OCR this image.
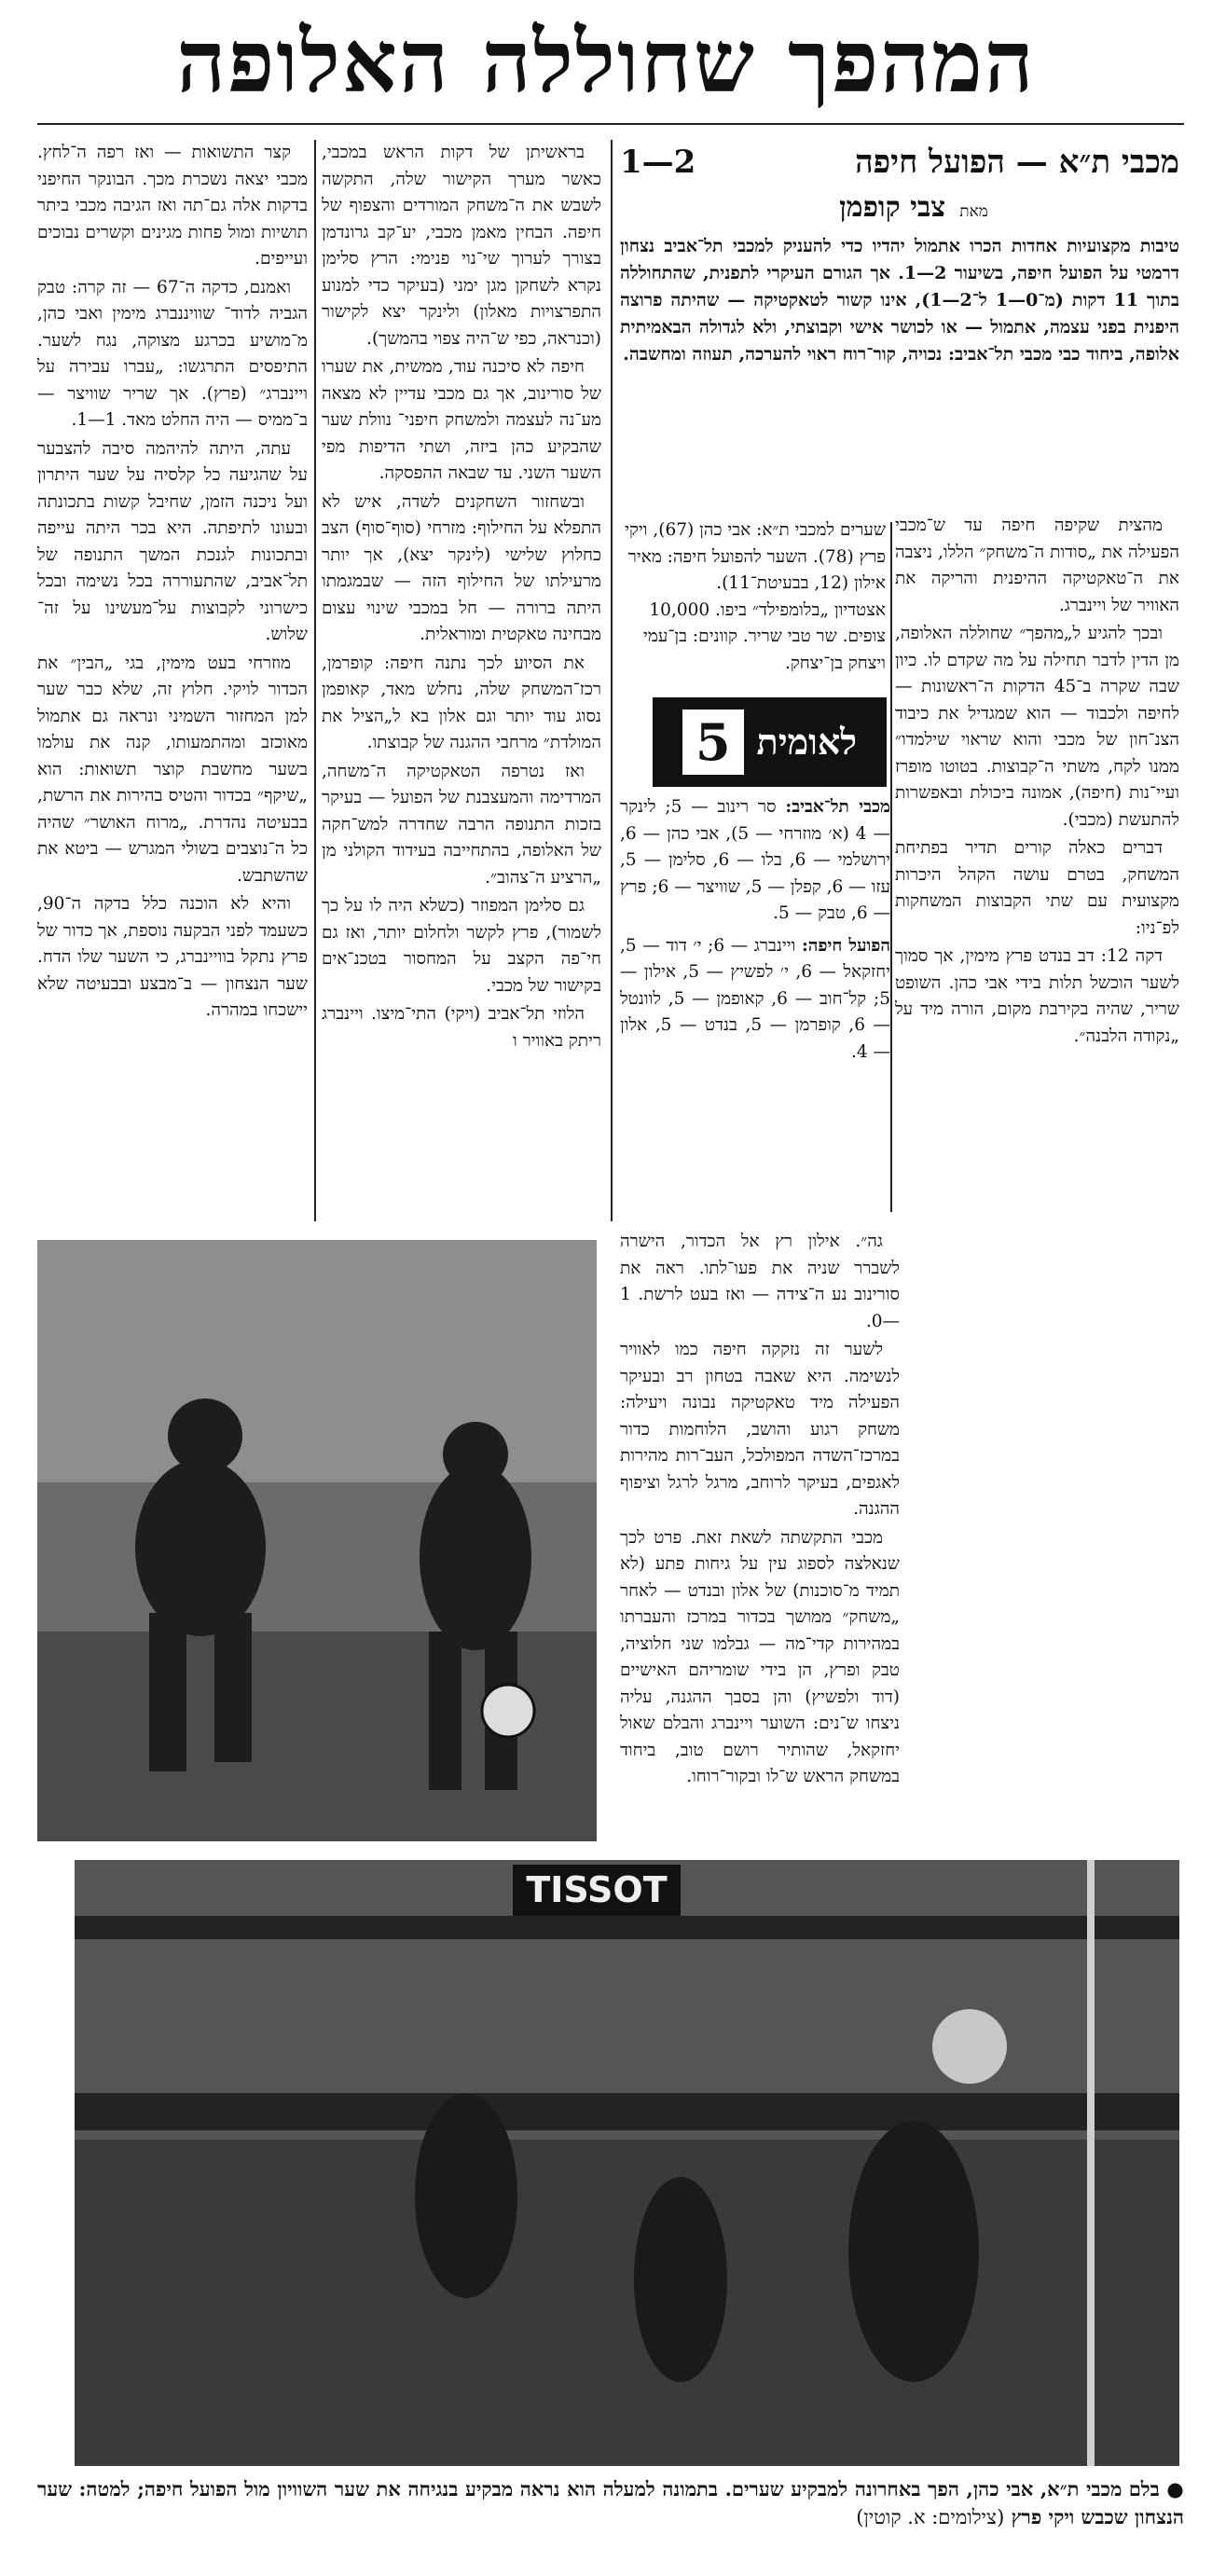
המהפך שחוללה האלופה
מכבי ת״א — הפועל חיפה
2—1
מאת צבי קופמן
טיבות מקצועיות אחדות הכרו אתמול יהדיו כדי להעניק למכבי תל־אביב נצחון דרמטי על הפועל חיפה, בשיעור 2—1. אך הגורם העיקרי לתפנית, שהתחוללה בתוך 11 דקות (מ־0—1 ל־2—1), אינו קשור לטאקטיקה — שהיתה פרוצה היפנית בפני עצמה, אתמול — או לכושר אישי וקבוצתי, ולא לגדולה הבאמיתית אלופה, ביחוד כבי מכבי תל־אביב: נכויה, קור־רוח ראוי להערכה, תעוזה ומחשבה.

מהצית שקיפה חיפה עד ש־מכבי הפעילה את „סודות ה־משחק״ הללו, ניצבה את ה־טאקטיקה ההיפנית והריקה את האוויר של ויינברג.

ובכך להגיע ל„מהפך״ שחוללה האלופה, מן הדין לדבר תחילה על מה שקדם לו. כיון שבה שקרה ב־45 הדקות ה־ראשונות — לחיפה ולכבוד — הוא שמגדיל את כיבוד הצנ־חון של מכבי והוא שראוי שילמדו״ ממנו לקח, משתי ה־קבוצות. בטוטו מופרז ועיי־נות (חיפה), אמונה ביכולת ובאפשרות להתעשת (מכבי).

דברים כאלה קורים תדיר בפתיחת המשחק, בטרם עושה הקהל היכרות מקצועית עם שתי הקבוצות המשחקות לפ־ניו:

דקה 12: דב בנדט פרץ מימין, אך סמוך לשער הוכשל תלות בידי אבי כהן. השופט שריר, שהיה בקירבת מקום, הורה מיד על „נקודה הלבנה״.

שערים למכבי ת״א: אבי כהן (67), ויקי פרץ (78). השער להפועל חיפה: מאיר אילון (12, בבעיטת־11).
אצטדיון „בלומפילד״ ביפו. 10,000 צופים. שר טבי שריר. קוונים: בן־עמי ויצחק בן־יצחק.
לאומית
5

מכבי תל־אביב: סר רינוב — 5; לינקר — 4 (א׳ מוזרחי — 5), אבי כהן — 6, ירושלמי — 6, בלו — 6, סלימן — 5, עזו — 6, קפלן — 5, שוויצר — 6; פרץ — 6, טבק — 5.

הפועל חיפה: ויינברג — 6; י׳ דוד — 5, יחזקאל — 6, י׳ לפשיץ — 5, אילון — 5; קל־חוב — 6, קאופמן — 5, לוונטל — 6, קופרמן — 5, בנדט — 5, אלון — 4.

בראשיתן של דקות הראש במכבי, כאשר מערך הקישור שלה, התקשה לשבש את ה־משחק המורדים והצפוף של חיפה. הבחין מאמן מכבי, יע־קב גרונדמן בצורך לערוך שי־נוי פנימי: הרץ סלימן נקרא לשחקן מגן ימני (בעיקר כדי למנוע התפרצויות מאלון) ולינקר יצא לקישור (וכנראה, כפי ש־היה צפוי בהמשך).

חיפה לא סיכנה עוד, ממשית, את שערו של סורינוב, אך גם מכבי עדיין לא מצאה מע־נה לעצמה ולמשחק חיפני־ נוולת שער שהבקיע כהן ביזה, ושתי הדיפות מפי השער השני. עד שבאה ההפסקה.

ובשחזור השחקנים לשדה, איש לא התפלא על החילוף: מזרחי (סוף־סוף) הצב כחלוץ שלישי (לינקר יצא), אך יותר מרעילתו של החילוף הזה — שבמגמתו היתה ברורה — חל במכבי שינוי עצום מבחינה טאקטית ומוראלית.

את הסיוע לכך נתנה חיפה: קופרמן, רכז־המשחק שלה, נחלש מאד, קאופמן נסוג עוד יותר וגם אלון בא ל„הציל את המולדת״ מרחבי ההגנה של קבוצתו.

ואז נטרפה הטאקטיקה ה־משחה, המרדימה והמעצבנת של הפועל — בעיקר בזכות התנופה הרבה שחדרה למש־חקה של האלופה, בהתחייבה בעידוד הקולני מן „הרציע ה־צהוב״.

גם סלימן המפוזר (כשלא היה לו על כך לשמור), פרץ לקשר ולחלום יותר, ואז גם חי־פה הקצב על המחסור בטכנ־אים בקישור של מכבי.

הלוזי תל־אביב (ויקי) התי־מיצו. ויינברג ריתק באוויר ו

קצר התשואות — ואז רפה ה־לחץ. מכבי יצאה נשכרת מכך. הבונקר החיפני בדקות אלה גם־תה ואז הגיבה מכבי ביתר תושיות ומול פחות מגינים וקשרים נבוכים ועייפים.

ואמנם, כדקה ה־67 — זה קרה: טבק הגביה לדוד־ שוויננברג מימין ואבי כהן, מ־מושיע בכרגע מצוקה, נגח לשער. התיפסים התרגשו: „עברו עבירה על ויינברג״ (פרץ). אך שריר שוויצר — ב־ממיס — היה החלט מאד. 1—1.

עתה, היתה להיהמה סיבה להצבער על שהגיעה כל קלסיה על שער היתרון ועל ניכנה הזמן, שחיבל קשות בתכונתה ובעונו לתיפתה. היא בכר היתה עייפה ובתכונות לגנכת המשך התנופה של תל־אביב, שהתעוררה בכל נשימה ובכל כישרוני לקבוצות על־מעשינו על זה־ שלוש.

מוזרחי בעט מימין, בגי „הבין״ את הכדור לויקי. חלוץ זה, שלא כבר שער למן המחזור השמיני ונראה גם אתמול מאוכזב ומהתמעותו, קנה את עולמו בשער מחשבת קוצר תשואות: הוא „שיקף״ בכדור והטיס בהירות את הרשת, בבעיטה נהדרת. „מרוח האושר״ שהיה כל ה־נוצבים בשולי המגרש — ביטא את שהשתבש.

והיא לא הוכנה כלל בדקה ה־90, כשעמד לפני הבקעה נוספת, אך כדור של פרץ נתקל בוויינברג, כי השער שלו הדח. שער הנצחון — ב־מבצע ובבעיטה שלא יישכחו במהרה.

גה״. אילון רץ אל הכדור, הישרה לשברר שניה את פעו־לתו. ראה את סורינוב נע ה־צידה — ואז בעט לרשת. 1—0.

לשער זה נזקקה חיפה כמו לאוויר לנשימה. היא שאבה בטחון רב ובעיקר הפעילה מיד טאקטיקה נבונה ויעילה: משחק רגוע והושב, הלוחמות כדור במרכז־השדה המפולכל, העב־רות מהירות לאגפים, בעיקר לרוחב, מרגל לרגל וציפוף ההגנה.

מכבי התקשתה לשאת זאת. פרט לכך שנאלצה לספוג עין על גיחות פתע (לא תמיד מ־סוכנות) של אלון ובנדט — לאחר „משחק״ ממושך בכדור במרכז והעברתו במהירות קדי־מה — גבלמו שני חלוציה, טבק ופרץ, הן בידי שומריהם האישיים (דוד ולפשיץ) והן בסבך ההגנה, עליה ניצחו ש־נים: השוער ויינברג והבלם שאול יחזקאל, שהותיר רושם טוב, ביחוד במשחק הראש ש־לו ובקור־רוחו.

TISSOT
● בלם מכבי ת״א, אבי כהן, הפך באחרונה למבקיע שערים. בתמונה למעלה הוא נראה מבקיע בנגיחה את שער השוויון מול הפועל חיפה; למטה: שער הנצחון שכבש ויקי פרץ (צילומים: א. קוטין)
